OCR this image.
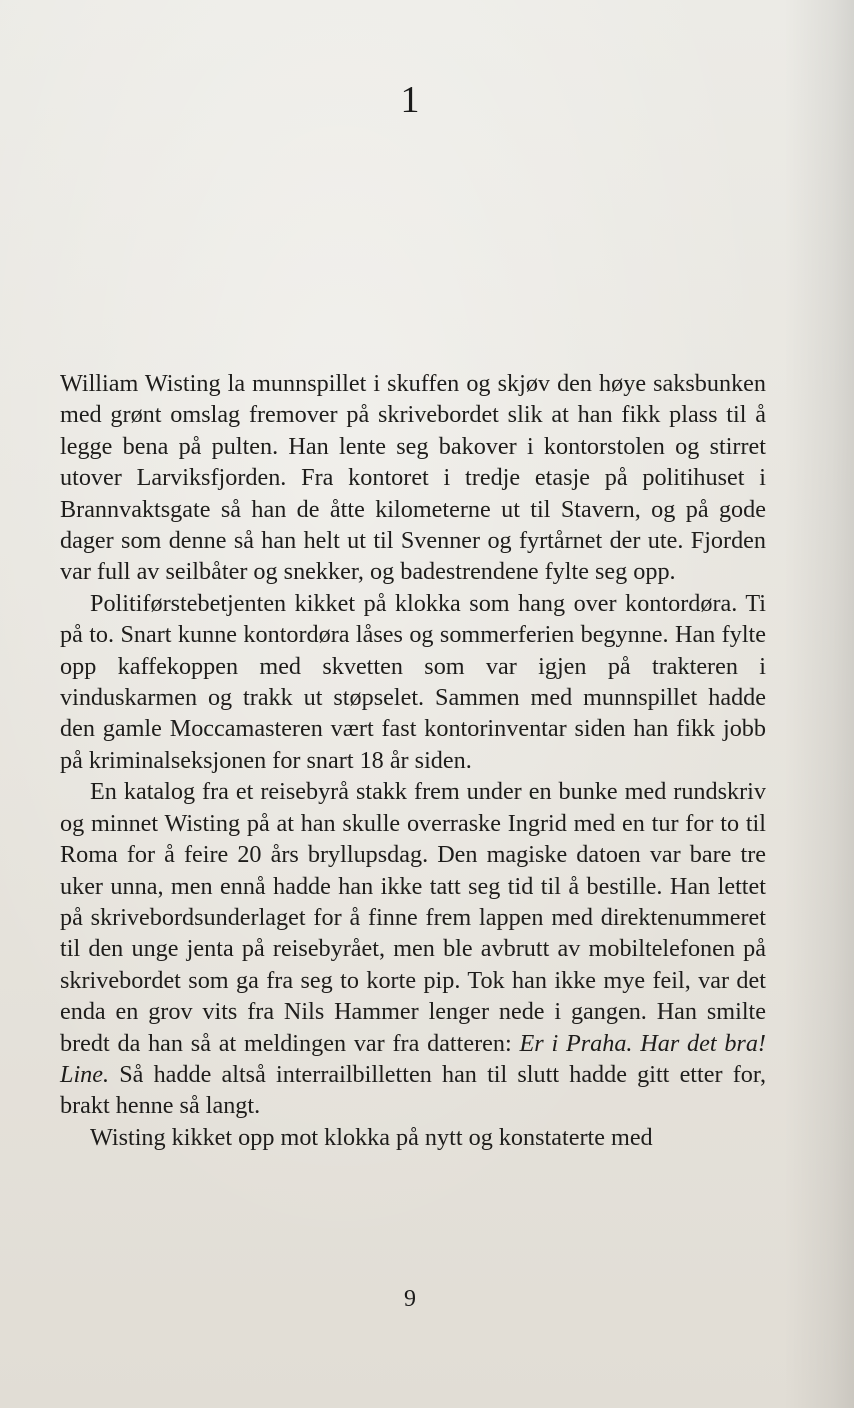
1

William Wisting la munnspillet i skuffen og skjøv den høye saksbunken med grønt omslag fremover på skrivebordet slik at han fikk plass til å legge bena på pulten. Han lente seg bakover i kontorstolen og stirret utover Larviksfjorden. Fra kontoret i tredje etasje på politihuset i Brannvaktsgate så han de åtte kilometerne ut til Stavern, og på gode dager som denne så han helt ut til Svenner og fyrtårnet der ute. Fjorden var full av seilbåter og snekker, og badestrendene fylte seg opp.

Politiførstebetjenten kikket på klokka som hang over kontordøra. Ti på to. Snart kunne kontordøra låses og sommerferien begynne. Han fylte opp kaffekoppen med skvetten som var igjen på trakteren i vinduskarmen og trakk ut støpselet. Sammen med munnspillet hadde den gamle Moccamasteren vært fast kontorinventar siden han fikk jobb på kriminalseksjonen for snart 18 år siden.

En katalog fra et reisebyrå stakk frem under en bunke med rundskriv og minnet Wisting på at han skulle overraske Ingrid med en tur for to til Roma for å feire 20 års bryllupsdag. Den magiske datoen var bare tre uker unna, men ennå hadde han ikke tatt seg tid til å bestille. Han lettet på skrivebordsunderlaget for å finne frem lappen med direktenummeret til den unge jenta på reisebyrået, men ble avbrutt av mobiltelefonen på skrivebordet som ga fra seg to korte pip. Tok han ikke mye feil, var det enda en grov vits fra Nils Hammer lenger nede i gangen. Han smilte bredt da han så at meldingen var fra datteren: Er i Praha. Har det bra! Line. Så hadde altså interrailbilletten han til slutt hadde gitt etter for, brakt henne så langt.

Wisting kikket opp mot klokka på nytt og konstaterte med

9
